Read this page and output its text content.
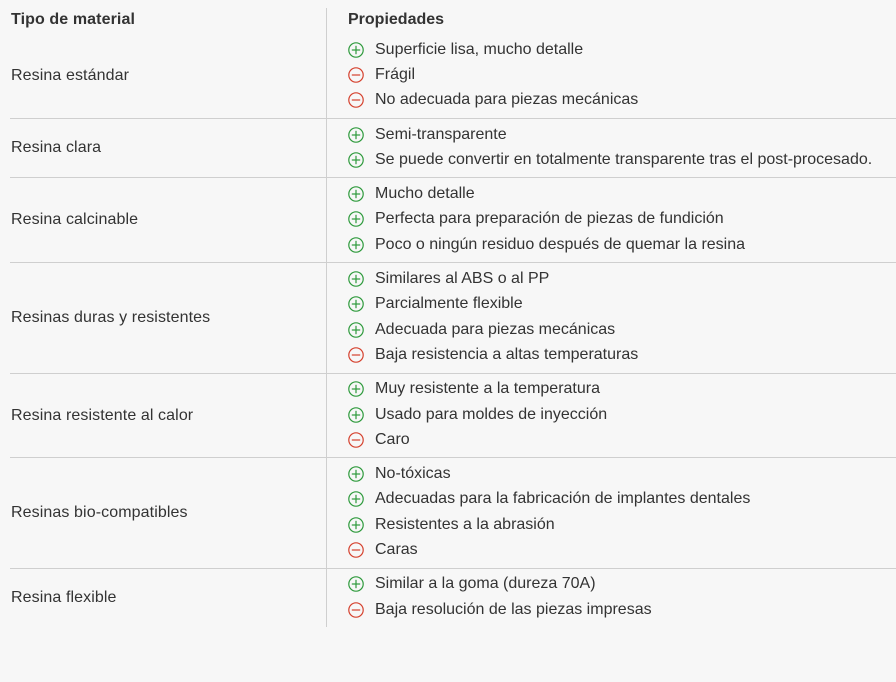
Tipo de material	Propiedades
Resina estándar
Superficie lisa, mucho detalle
Frágil
No adecuada para piezas mecánicas
Resina clara
Semi-transparente
Se puede convertir en totalmente transparente tras el post-procesado.
Resina calcinable
Mucho detalle
Perfecta para preparación de piezas de fundición
Poco o ningún residuo después de quemar la resina
Resinas duras y resistentes
Similares al ABS o al PP
Parcialmente flexible
Adecuada para piezas mecánicas
Baja resistencia a altas temperaturas
Resina resistente al calor
Muy resistente a la temperatura
Usado para moldes de inyección
Caro
Resinas bio-compatibles
No-tóxicas
Adecuadas para la fabricación de implantes dentales
Resistentes a la abrasión
Caras
Resina flexible
Similar a la goma (dureza 70A)
Baja resolución de las piezas impresas
